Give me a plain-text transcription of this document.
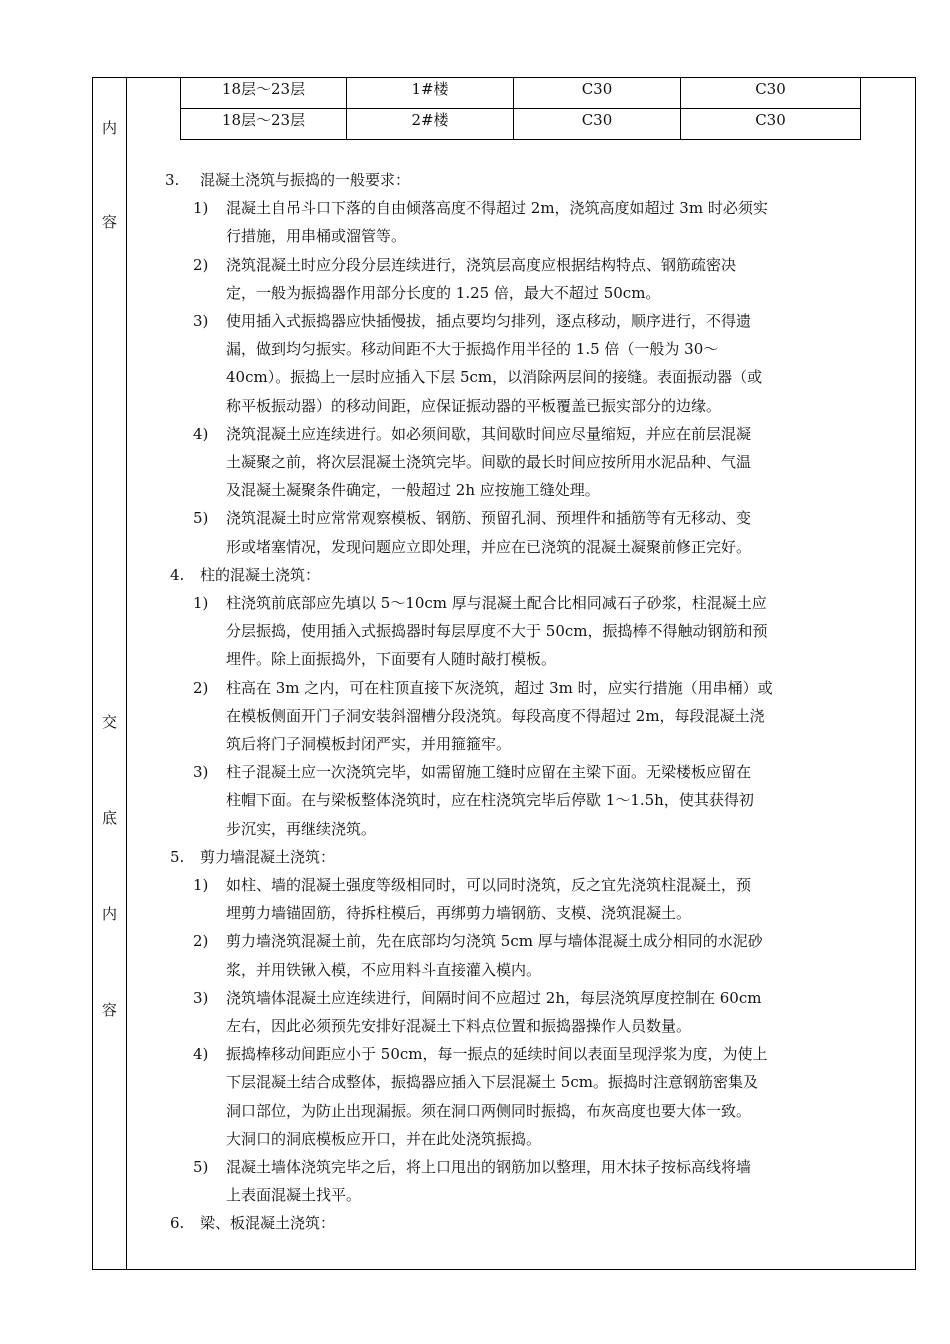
内
容
交
底
内
容
18层～23层	1#楼	C30	C30
18层～23层	2#楼	C30	C30
3. 混凝土浇筑与振捣的一般要求：
1) 混凝土自吊斗口下落的自由倾落高度不得超过 2m，浇筑高度如超过 3m 时必须实
行措施，用串桶或溜管等。
2) 浇筑混凝土时应分段分层连续进行，浇筑层高度应根据结构特点、钢筋疏密决
定，一般为振捣器作用部分长度的 1.25 倍，最大不超过 50cm。
3) 使用插入式振捣器应快插慢拔，插点要均匀排列，逐点移动，顺序进行，不得遗
漏，做到均匀振实。移动间距不大于振捣作用半径的 1.5 倍（一般为 30～
40cm）。振捣上一层时应插入下层 5cm，以消除两层间的接缝。表面振动器（或
称平板振动器）的移动间距，应保证振动器的平板覆盖已振实部分的边缘。
4) 浇筑混凝土应连续进行。如必须间歇，其间歇时间应尽量缩短，并应在前层混凝
土凝聚之前，将次层混凝土浇筑完毕。间歇的最长时间应按所用水泥品种、气温
及混凝土凝聚条件确定，一般超过 2h 应按施工缝处理。
5) 浇筑混凝土时应常常观察模板、钢筋、预留孔洞、预埋件和插筋等有无移动、变
形或堵塞情况，发现问题应立即处理，并应在已浇筑的混凝土凝聚前修正完好。
4. 柱的混凝土浇筑：
1) 柱浇筑前底部应先填以 5～10cm 厚与混凝土配合比相同减石子砂浆，柱混凝土应
分层振捣，使用插入式振捣器时每层厚度不大于 50cm，振捣棒不得触动钢筋和预
埋件。除上面振捣外，下面要有人随时敲打模板。
2) 柱高在 3m 之内，可在柱顶直接下灰浇筑，超过 3m 时，应实行措施（用串桶）或
在模板侧面开门子洞安装斜溜槽分段浇筑。每段高度不得超过 2m，每段混凝土浇
筑后将门子洞模板封闭严实，并用箍箍牢。
3) 柱子混凝土应一次浇筑完毕，如需留施工缝时应留在主梁下面。无梁楼板应留在
柱帽下面。在与梁板整体浇筑时，应在柱浇筑完毕后停歇 1～1.5h，使其获得初
步沉实，再继续浇筑。
5. 剪力墙混凝土浇筑：
1) 如柱、墙的混凝土强度等级相同时，可以同时浇筑，反之宜先浇筑柱混凝土，预
埋剪力墙锚固筋，待拆柱模后，再绑剪力墙钢筋、支模、浇筑混凝土。
2) 剪力墙浇筑混凝土前，先在底部均匀浇筑 5cm 厚与墙体混凝土成分相同的水泥砂
浆，并用铁锹入模，不应用料斗直接灌入模内。
3) 浇筑墙体混凝土应连续进行，间隔时间不应超过 2h，每层浇筑厚度控制在 60cm
左右，因此必须预先安排好混凝土下料点位置和振捣器操作人员数量。
4) 振捣棒移动间距应小于 50cm，每一振点的延续时间以表面呈现浮浆为度，为使上
下层混凝土结合成整体，振捣器应插入下层混凝土 5cm。振捣时注意钢筋密集及
洞口部位，为防止出现漏振。须在洞口两侧同时振捣，布灰高度也要大体一致。
大洞口的洞底模板应开口，并在此处浇筑振捣。
5) 混凝土墙体浇筑完毕之后，将上口甩出的钢筋加以整理，用木抹子按标高线将墙
上表面混凝土找平。
6. 梁、板混凝土浇筑：
